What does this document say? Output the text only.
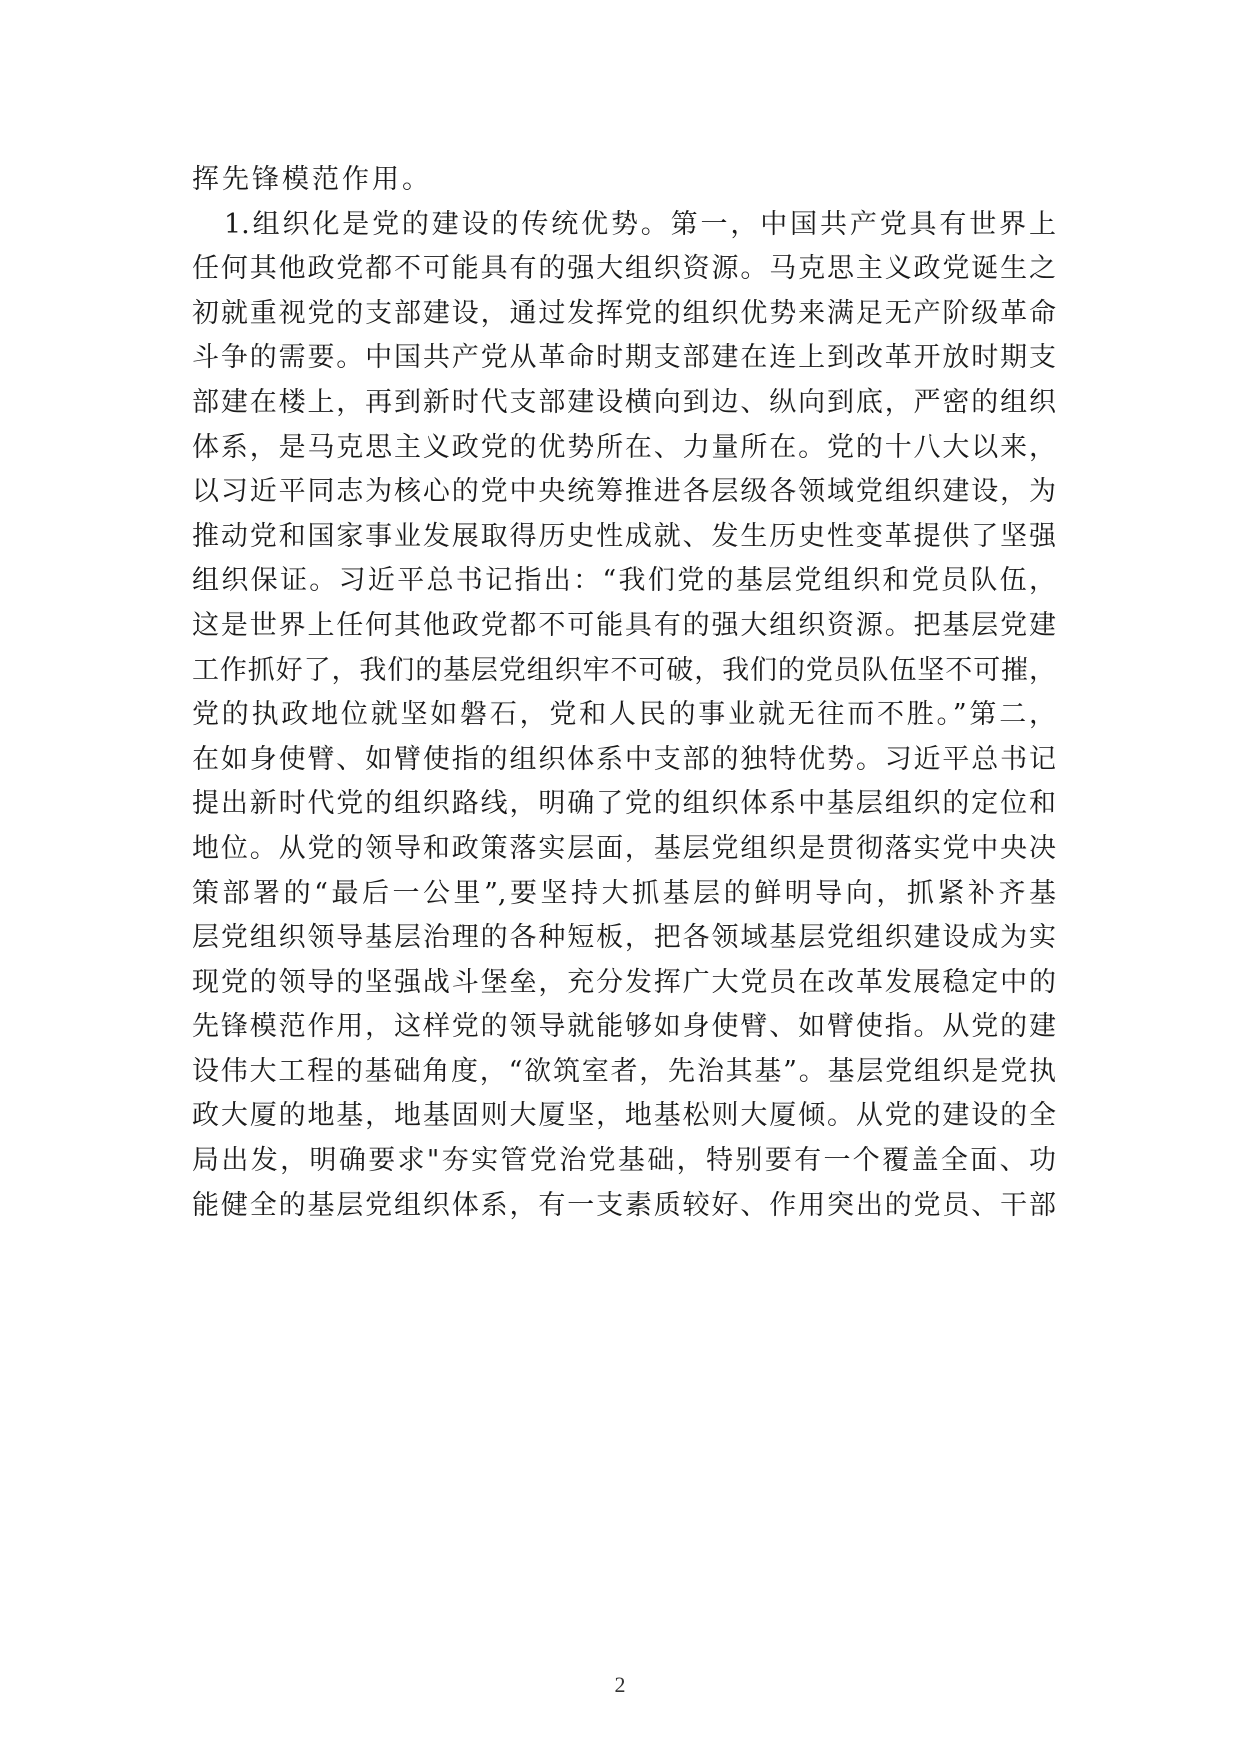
挥先锋模范作用。
1.组织化是党的建设的传统优势。第一，中国共产党具有世界上
任何其他政党都不可能具有的强大组织资源。马克思主义政党诞生之
初就重视党的支部建设，通过发挥党的组织优势来满足无产阶级革命
斗争的需要。中国共产党从革命时期支部建在连上到改革开放时期支
部建在楼上，再到新时代支部建设横向到边、纵向到底，严密的组织
体系，是马克思主义政党的优势所在、力量所在。党的十八大以来，
以习近平同志为核心的党中央统筹推进各层级各领域党组织建设，为
推动党和国家事业发展取得历史性成就、发生历史性变革提供了坚强
组织保证。习近平总书记指出：“我们党的基层党组织和党员队伍，
这是世界上任何其他政党都不可能具有的强大组织资源。把基层党建
工作抓好了，我们的基层党组织牢不可破，我们的党员队伍坚不可摧，
党的执政地位就坚如磐石，党和人民的事业就无往而不胜。”第二，
在如身使臂、如臂使指的组织体系中支部的独特优势。习近平总书记
提出新时代党的组织路线，明确了党的组织体系中基层组织的定位和
地位。从党的领导和政策落实层面，基层党组织是贯彻落实党中央决
策部署的“最后一公里”,要坚持大抓基层的鲜明导向，抓紧补齐基
层党组织领导基层治理的各种短板，把各领域基层党组织建设成为实
现党的领导的坚强战斗堡垒，充分发挥广大党员在改革发展稳定中的
先锋模范作用，这样党的领导就能够如身使臂、如臂使指。从党的建
设伟大工程的基础角度，“欲筑室者，先治其基”。基层党组织是党执
政大厦的地基，地基固则大厦坚，地基松则大厦倾。从党的建设的全
局出发，明确要求"夯实管党治党基础，特别要有一个覆盖全面、功
能健全的基层党组织体系，有一支素质较好、作用突出的党员、干部
2
